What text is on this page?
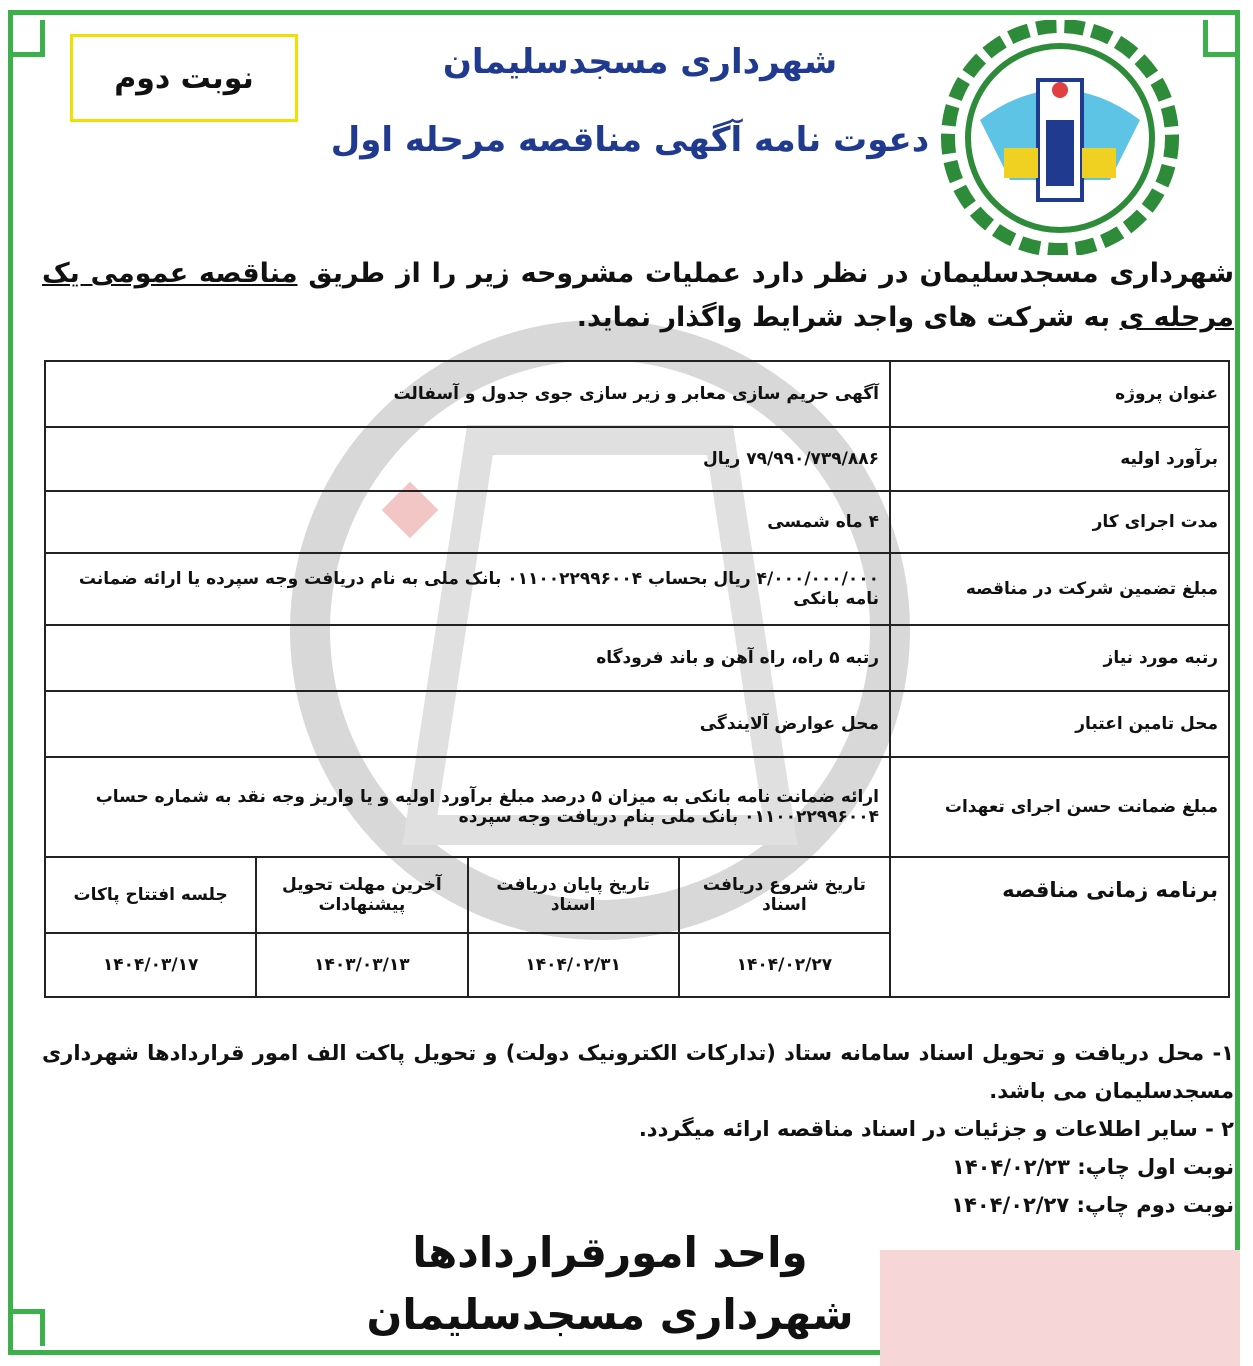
نوبت دوم	شهرداری مسجدسلیمان
دعوت نامه آگهی مناقصه مرحله اول
شهرداری مسجدسلیمان در نظر دارد عملیات مشروحه زیر را از طریق مناقصه عمومی یک مرحله ی به شرکت های واجد شرایط واگذار نماید.
عنوان پروژه	آگهی حریم سازی معابر و زیر سازی جوی جدول و آسفالت			
برآورد اولیه	۷۹/۹۹۰/۷۳۹/۸۸۶ ریال			
مدت اجرای کار	۴ ماه شمسی			
مبلغ تضمین شرکت در مناقصه	۴/۰۰۰/۰۰۰/۰۰۰ ریال بحساب ۰۱۱۰۰۲۲۹۹۶۰۰۴ بانک ملی به نام دریافت وجه سپرده یا ارائه ضمانت نامه بانکی			
رتبه مورد نیاز	رتبه ۵ راه، راه آهن و باند فرودگاه			
محل تامین اعتبار	محل عوارض آلایندگی			
مبلغ ضمانت حسن اجرای تعهدات	ارائه ضمانت نامه بانکی به میزان ۵ درصد مبلغ برآورد اولیه و یا واریز وجه نقد به شماره حساب ۰۱۱۰۰۲۲۹۹۶۰۰۴ بانک ملی بنام دریافت وجه سپرده			
برنامه زمانی مناقصه	تاریخ شروع دریافت اسناد	تاریخ پایان دریافت اسناد	آخرین مهلت تحویل پیشنهادات	جلسه افتتاح پاکات
	۱۴۰۴/۰۲/۲۷	۱۴۰۴/۰۲/۳۱	۱۴۰۳/۰۳/۱۳	۱۴۰۴/۰۳/۱۷
۱- محل دریافت و تحویل اسناد سامانه ستاد (تدارکات الکترونیک دولت) و تحویل پاکت الف امور قراردادها شهرداری مسجدسلیمان می باشد.
۲ - سایر اطلاعات و جزئیات در اسناد مناقصه ارائه میگردد.
نوبت اول چاپ: ۱۴۰۴/۰۲/۲۳
نوبت دوم چاپ: ۱۴۰۴/۰۲/۲۷
واحد امورقراردادها
شهرداری مسجدسلیمان
